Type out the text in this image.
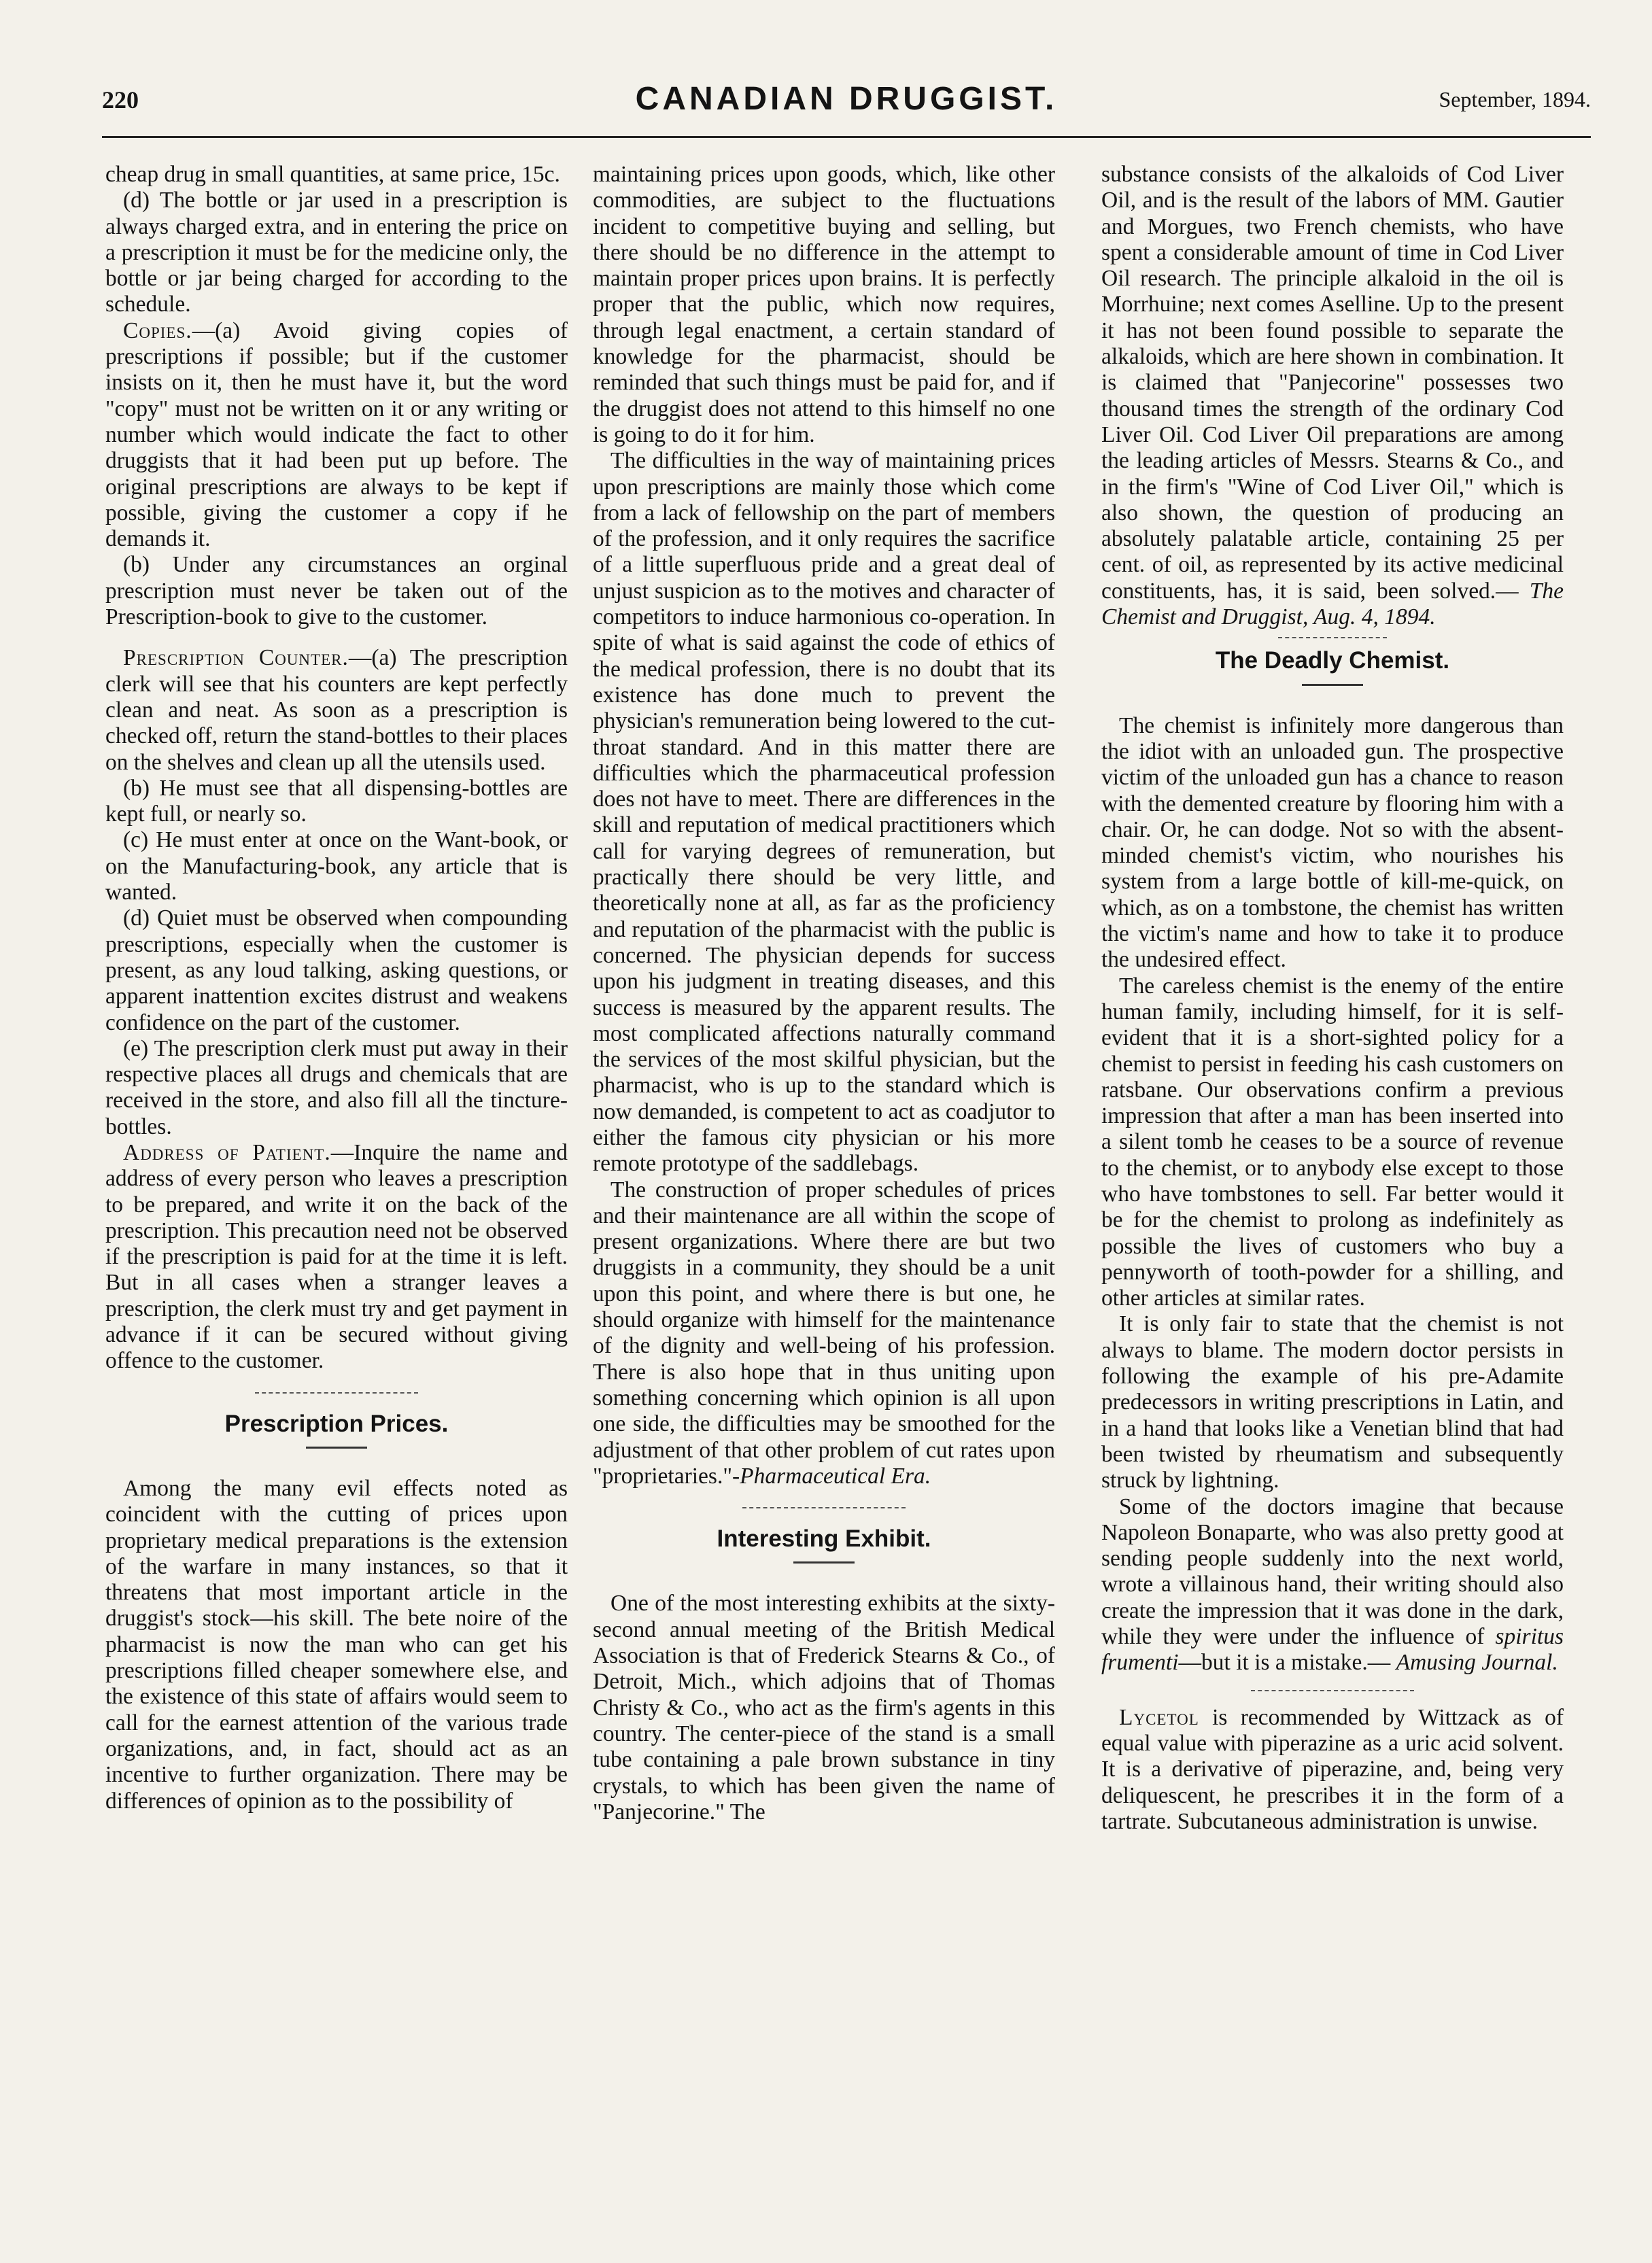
220	CANADIAN DRUGGIST.	September, 1894.

cheap drug in small quantities, at same price, 15c.

(d) The bottle or jar used in a prescription is always charged extra, and in entering the price on a prescription it must be for the medicine only, the bottle or jar being charged for according to the schedule.

Copies.—(a) Avoid giving copies of prescriptions if possible; but if the customer insists on it, then he must have it, but the word "copy" must not be written on it or any writing or number which would indicate the fact to other druggists that it had been put up before. The original prescriptions are always to be kept if possible, giving the customer a copy if he demands it.

(b) Under any circumstances an orginal prescription must never be taken out of the Prescription-book to give to the customer.

Prescription Counter.—(a) The prescription clerk will see that his counters are kept perfectly clean and neat. As soon as a prescription is checked off, return the stand-bottles to their places on the shelves and clean up all the utensils used.

(b) He must see that all dispensing-bottles are kept full, or nearly so.

(c) He must enter at once on the Want-book, or on the Manufacturing-book, any article that is wanted.

(d) Quiet must be observed when compounding prescriptions, especially when the customer is present, as any loud talking, asking questions, or apparent inattention excites distrust and weakens confidence on the part of the customer.

(e) The prescription clerk must put away in their respective places all drugs and chemicals that are received in the store, and also fill all the tincture-bottles.

Address of Patient.—Inquire the name and address of every person who leaves a prescription to be prepared, and write it on the back of the prescription. This precaution need not be observed if the prescription is paid for at the time it is left. But in all cases when a stranger leaves a prescription, the clerk must try and get payment in advance if it can be secured without giving offence to the customer.

Prescription Prices.

Among the many evil effects noted as coincident with the cutting of prices upon proprietary medical preparations is the extension of the warfare in many instances, so that it threatens that most important article in the druggist's stock—his skill. The bete noire of the pharmacist is now the man who can get his prescriptions filled cheaper somewhere else, and the existence of this state of affairs would seem to call for the earnest attention of the various trade organizations, and, in fact, should act as an incentive to further organization. There may be differences of opinion as to the possibility of

maintaining prices upon goods, which, like other commodities, are subject to the fluctuations incident to competitive buying and selling, but there should be no difference in the attempt to maintain proper prices upon brains. It is perfectly proper that the public, which now requires, through legal enactment, a certain standard of knowledge for the pharmacist, should be reminded that such things must be paid for, and if the druggist does not attend to this himself no one is going to do it for him.

The difficulties in the way of maintaining prices upon prescriptions are mainly those which come from a lack of fellowship on the part of members of the profession, and it only requires the sacrifice of a little superfluous pride and a great deal of unjust suspicion as to the motives and character of competitors to induce harmonious co-operation. In spite of what is said against the code of ethics of the medical profession, there is no doubt that its existence has done much to prevent the physician's remuneration being lowered to the cut-throat standard. And in this matter there are difficulties which the pharmaceutical profession does not have to meet. There are differences in the skill and reputation of medical practitioners which call for varying degrees of remuneration, but practically there should be very little, and theoretically none at all, as far as the proficiency and reputation of the pharmacist with the public is concerned. The physician depends for success upon his judgment in treating diseases, and this success is measured by the apparent results. The most complicated affections naturally command the services of the most skilful physician, but the pharmacist, who is up to the standard which is now demanded, is competent to act as coadjutor to either the famous city physician or his more remote prototype of the saddlebags.

The construction of proper schedules of prices and their maintenance are all within the scope of present organizations. Where there are but two druggists in a community, they should be a unit upon this point, and where there is but one, he should organize with himself for the maintenance of the dignity and well-being of his profession. There is also hope that in thus uniting upon something concerning which opinion is all upon one side, the difficulties may be smoothed for the adjustment of that other problem of cut rates upon "proprietaries."-Pharmaceutical Era.

Interesting Exhibit.

One of the most interesting exhibits at the sixty-second annual meeting of the British Medical Association is that of Frederick Stearns & Co., of Detroit, Mich., which adjoins that of Thomas Christy & Co., who act as the firm's agents in this country. The center-piece of the stand is a small tube containing a pale brown substance in tiny crystals, to which has been given the name of "Panjecorine." The

substance consists of the alkaloids of Cod Liver Oil, and is the result of the labors of MM. Gautier and Morgues, two French chemists, who have spent a considerable amount of time in Cod Liver Oil research. The principle alkaloid in the oil is Morrhuine; next comes Aselline. Up to the present it has not been found possible to separate the alkaloids, which are here shown in combination. It is claimed that "Panjecorine" possesses two thousand times the strength of the ordinary Cod Liver Oil. Cod Liver Oil preparations are among the leading articles of Messrs. Stearns & Co., and in the firm's "Wine of Cod Liver Oil," which is also shown, the question of producing an absolutely palatable article, containing 25 per cent. of oil, as represented by its active medicinal constituents, has, it is said, been solved.— The Chemist and Druggist, Aug. 4, 1894.

The Deadly Chemist.

The chemist is infinitely more dangerous than the idiot with an unloaded gun. The prospective victim of the unloaded gun has a chance to reason with the demented creature by flooring him with a chair. Or, he can dodge. Not so with the absent-minded chemist's victim, who nourishes his system from a large bottle of kill-me-quick, on which, as on a tombstone, the chemist has written the victim's name and how to take it to produce the undesired effect.

The careless chemist is the enemy of the entire human family, including himself, for it is self-evident that it is a short-sighted policy for a chemist to persist in feeding his cash customers on ratsbane. Our observations confirm a previous impression that after a man has been inserted into a silent tomb he ceases to be a source of revenue to the chemist, or to anybody else except to those who have tombstones to sell. Far better would it be for the chemist to prolong as indefinitely as possible the lives of customers who buy a pennyworth of tooth-powder for a shilling, and other articles at similar rates.

It is only fair to state that the chemist is not always to blame. The modern doctor persists in following the example of his pre-Adamite predecessors in writing prescriptions in Latin, and in a hand that looks like a Venetian blind that had been twisted by rheumatism and subsequently struck by lightning.

Some of the doctors imagine that because Napoleon Bonaparte, who was also pretty good at sending people suddenly into the next world, wrote a villainous hand, their writing should also create the impression that it was done in the dark, while they were under the influence of spiritus frumenti—but it is a mistake.— Amusing Journal.

Lycetol is recommended by Wittzack as of equal value with piperazine as a uric acid solvent. It is a derivative of piperazine, and, being very deliquescent, he prescribes it in the form of a tartrate. Subcutaneous administration is unwise.
